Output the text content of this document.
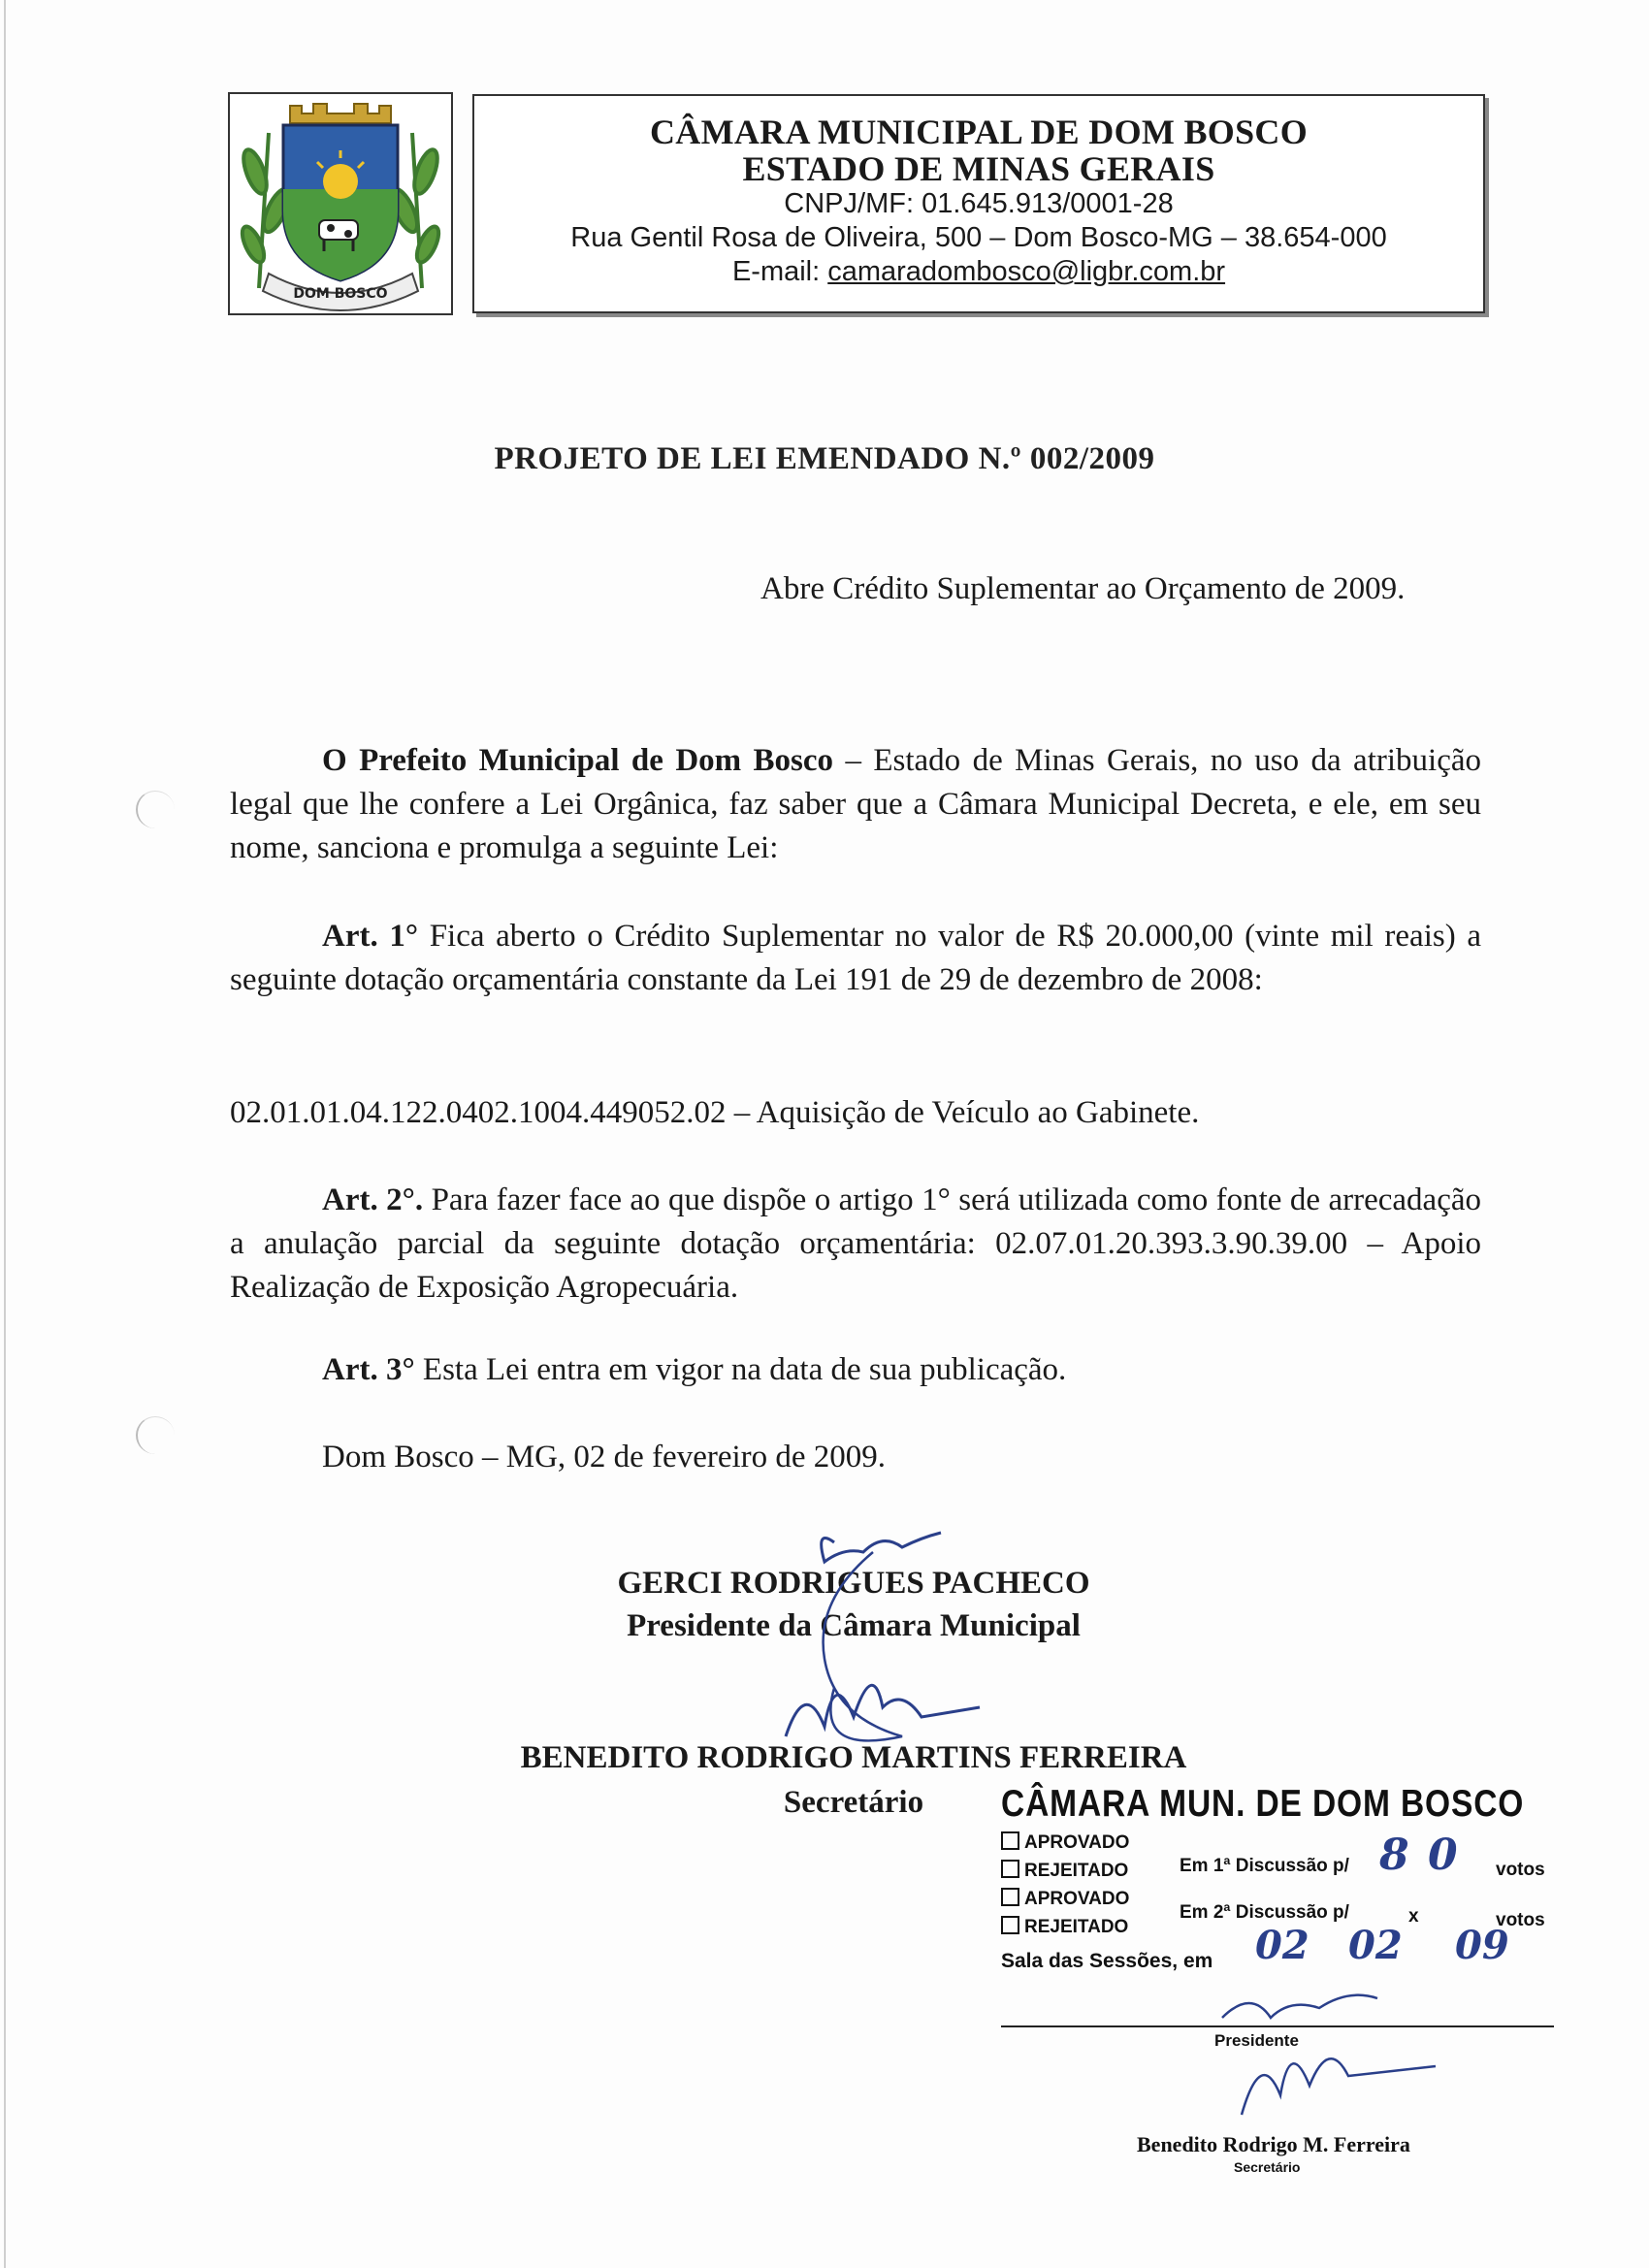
DOM BOSCO
CÂMARA MUNICIPAL DE DOM BOSCO
ESTADO DE MINAS GERAIS
CNPJ/MF: 01.645.913/0001-28
Rua Gentil Rosa de Oliveira, 500 – Dom Bosco-MG – 38.654-000
E-mail: camaradombosco@ligbr.com.br
PROJETO DE LEI EMENDADO N.º 002/2009
Abre Crédito Suplementar ao Orçamento de 2009.
O Prefeito Municipal de Dom Bosco – Estado de Minas Gerais, no uso da atribuição legal que lhe confere a Lei Orgânica, faz saber que a Câmara Municipal Decreta, e ele, em seu nome, sanciona e promulga a seguinte Lei:
Art. 1° Fica aberto o Crédito Suplementar no valor de R$ 20.000,00 (vinte mil reais) a seguinte dotação orçamentária constante da Lei 191 de 29 de dezembro de 2008:
02.01.01.04.122.0402.1004.449052.02 – Aquisição de Veículo ao Gabinete.
Art. 2°. Para fazer face ao que dispõe o artigo 1° será utilizada como fonte de arrecadação a anulação parcial da seguinte dotação orçamentária: 02.07.01.20.393.3.90.39.00 – Apoio Realização de Exposição Agropecuária.
Art. 3° Esta Lei entra em vigor na data de sua publicação.
Dom Bosco – MG, 02 de fevereiro de 2009.
GERCI RODRIGUES PACHECO
Presidente da Câmara Municipal
BENEDITO RODRIGO MARTINS FERREIRA
Secretário	CÂMARA MUN. DE DOM BOSCO
APROVADO
REJEITADO	Em 1ª Discussão p/ 8 0 votos
APROVADO
REJEITADO
Em 2ª Discussão p/	x	votos
Sala das Sessões, em 02 02 09
Presidente
Benedito Rodrigo M. Ferreira
Secretário
